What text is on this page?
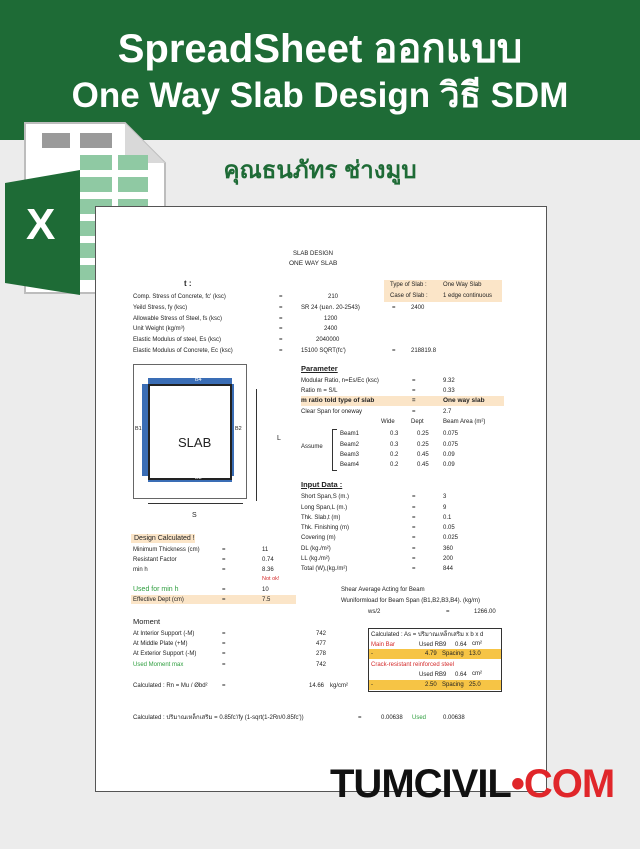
SpreadSheet ออกแบบ
One Way Slab Design วิธี SDM
X
คุณธนภัทร ช่างมูบ
SLAB DESIGN
ONE WAY SLAB
t :	Type of Slab :	One Way Slab
Case of Slab :	1 edge continuous
Comp. Stress of Concrete, fc' (ksc)	=	210
Yeild Stress, fy (ksc)	=	SR 24 (มอก. 20-2543)	=	2400
Allowable Stress of Steel, fs (ksc)	=	1200
Unit Weight (kg/m³)	=	2400
Elastic Modulus of steel, Es (ksc)	=	2040000
Elastic Modulus of Concrete, Ec (ksc)	=	15100 SQRT(fc')	=	218819.8
SLAB
B4
B3
B1	B2
L
S
Parameter
Modular Ratio, n=Es/Ec (ksc)	=	9.32
Ratio m = S/L	=	0.33
m ratio told type of slab	=	One way slab
Clear Span for oneway	=	2.7
Wide	Dept	Beam Area (m²)
Assume
Beam1	0.3	0.25 0.075
Beam2	0.3	0.25 0.075
Beam3	0.2	0.45 0.09
Beam4	0.2	0.45 0.09
Input Data :
Short Span,S (m.)	=	3
Long Span,L (m.)	=	9
Thk. Slab,t (m)	=	0.1
Thk. Finishing (m)	=	0.05
Covering (m)	=	0.025
DL (kg./m²)	=	360
LL (kg./m²)	=	200
Total (W),(kg./m²)	=	844
Design Calculated !
Minimum Thickness (cm)	=	11
Resistant Factor	=	0.74
min h	=	8.36
Not ok!
Used for min h	=	10
Effective Dept (cm)	=	7.5
Shear Average Acting for Beam
Wuniformload for Beam Span (B1,B2,B3,B4). (kg/m)
ws/2	=	1266.00
Moment
At Interior Support (-M)	=	742
At Middle Plate (+M)	=	477
At Exterior Support (-M)	=	278
Used Moment max	=	742
Calculated : Rn = Mu / Øbd² =	14.66 kg/cm²
Calculated : As = ปริมาณเหล็กเสริม x b x d
Main Bar	Used RB9 0.64 cm²
-	4.79 Spacing 13.0
Crack-resistant reinforced steel
Used RB9 0.64 cm²
-	2.50 Spacing 25.0
Calculated : ปริมาณเหล็กเสริม = 0.85fc'/fy (1-sqrt(1-2Rn/0.85fc'))	=	0.00638 Used	0.00638
TUMCIVIL•COM
